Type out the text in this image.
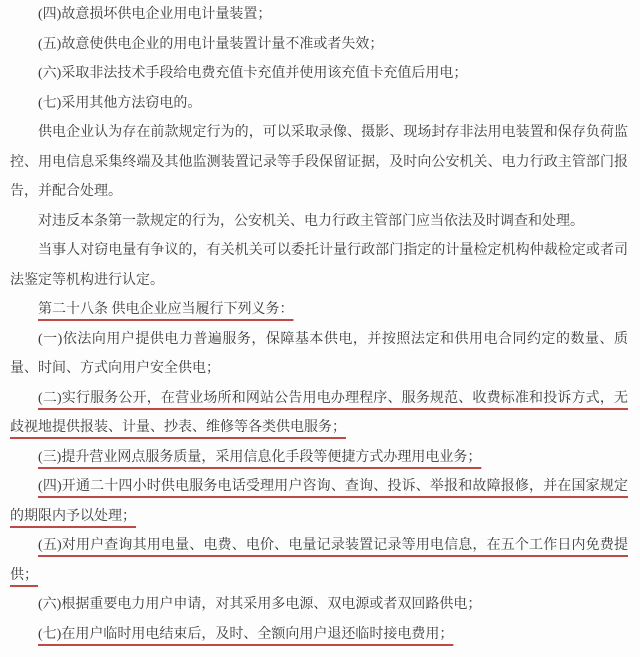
(四)故意损坏供电企业用电计量装置；

(五)故意使供电企业的用电计量装置计量不准或者失效；

(六)采取非法技术手段给电费充值卡充值并使用该充值卡充值后用电；

(七)采用其他方法窃电的。

供电企业认为存在前款规定行为的，可以采取录像、摄影、现场封存非法用电装置和保存负荷监控、用电信息采集终端及其他监测装置记录等手段保留证据，及时向公安机关、电力行政主管部门报告，并配合处理。

对违反本条第一款规定的行为，公安机关、电力行政主管部门应当依法及时调查和处理。

当事人对窃电量有争议的，有关机关可以委托计量行政部门指定的计量检定机构仲裁检定或者司法鉴定等机构进行认定。

第二十八条 供电企业应当履行下列义务：

(一)依法向用户提供电力普遍服务，保障基本供电，并按照法定和供用电合同约定的数量、质量、时间、方式向用户安全供电；

(二)实行服务公开，在营业场所和网站公告用电办理程序、服务规范、收费标准和投诉方式，无歧视地提供报装、计量、抄表、维修等各类供电服务；

(三)提升营业网点服务质量，采用信息化手段等便捷方式办理用电业务；

(四)开通二十四小时供电服务电话受理用户咨询、查询、投诉、举报和故障报修，并在国家规定的期限内予以处理；

(五)对用户查询其用电量、电费、电价、电量记录装置记录等用电信息，在五个工作日内免费提供；

(六)根据重要电力用户申请，对其采用多电源、双电源或者双回路供电；

(七)在用户临时用电结束后，及时、全额向用户退还临时接电费用；
